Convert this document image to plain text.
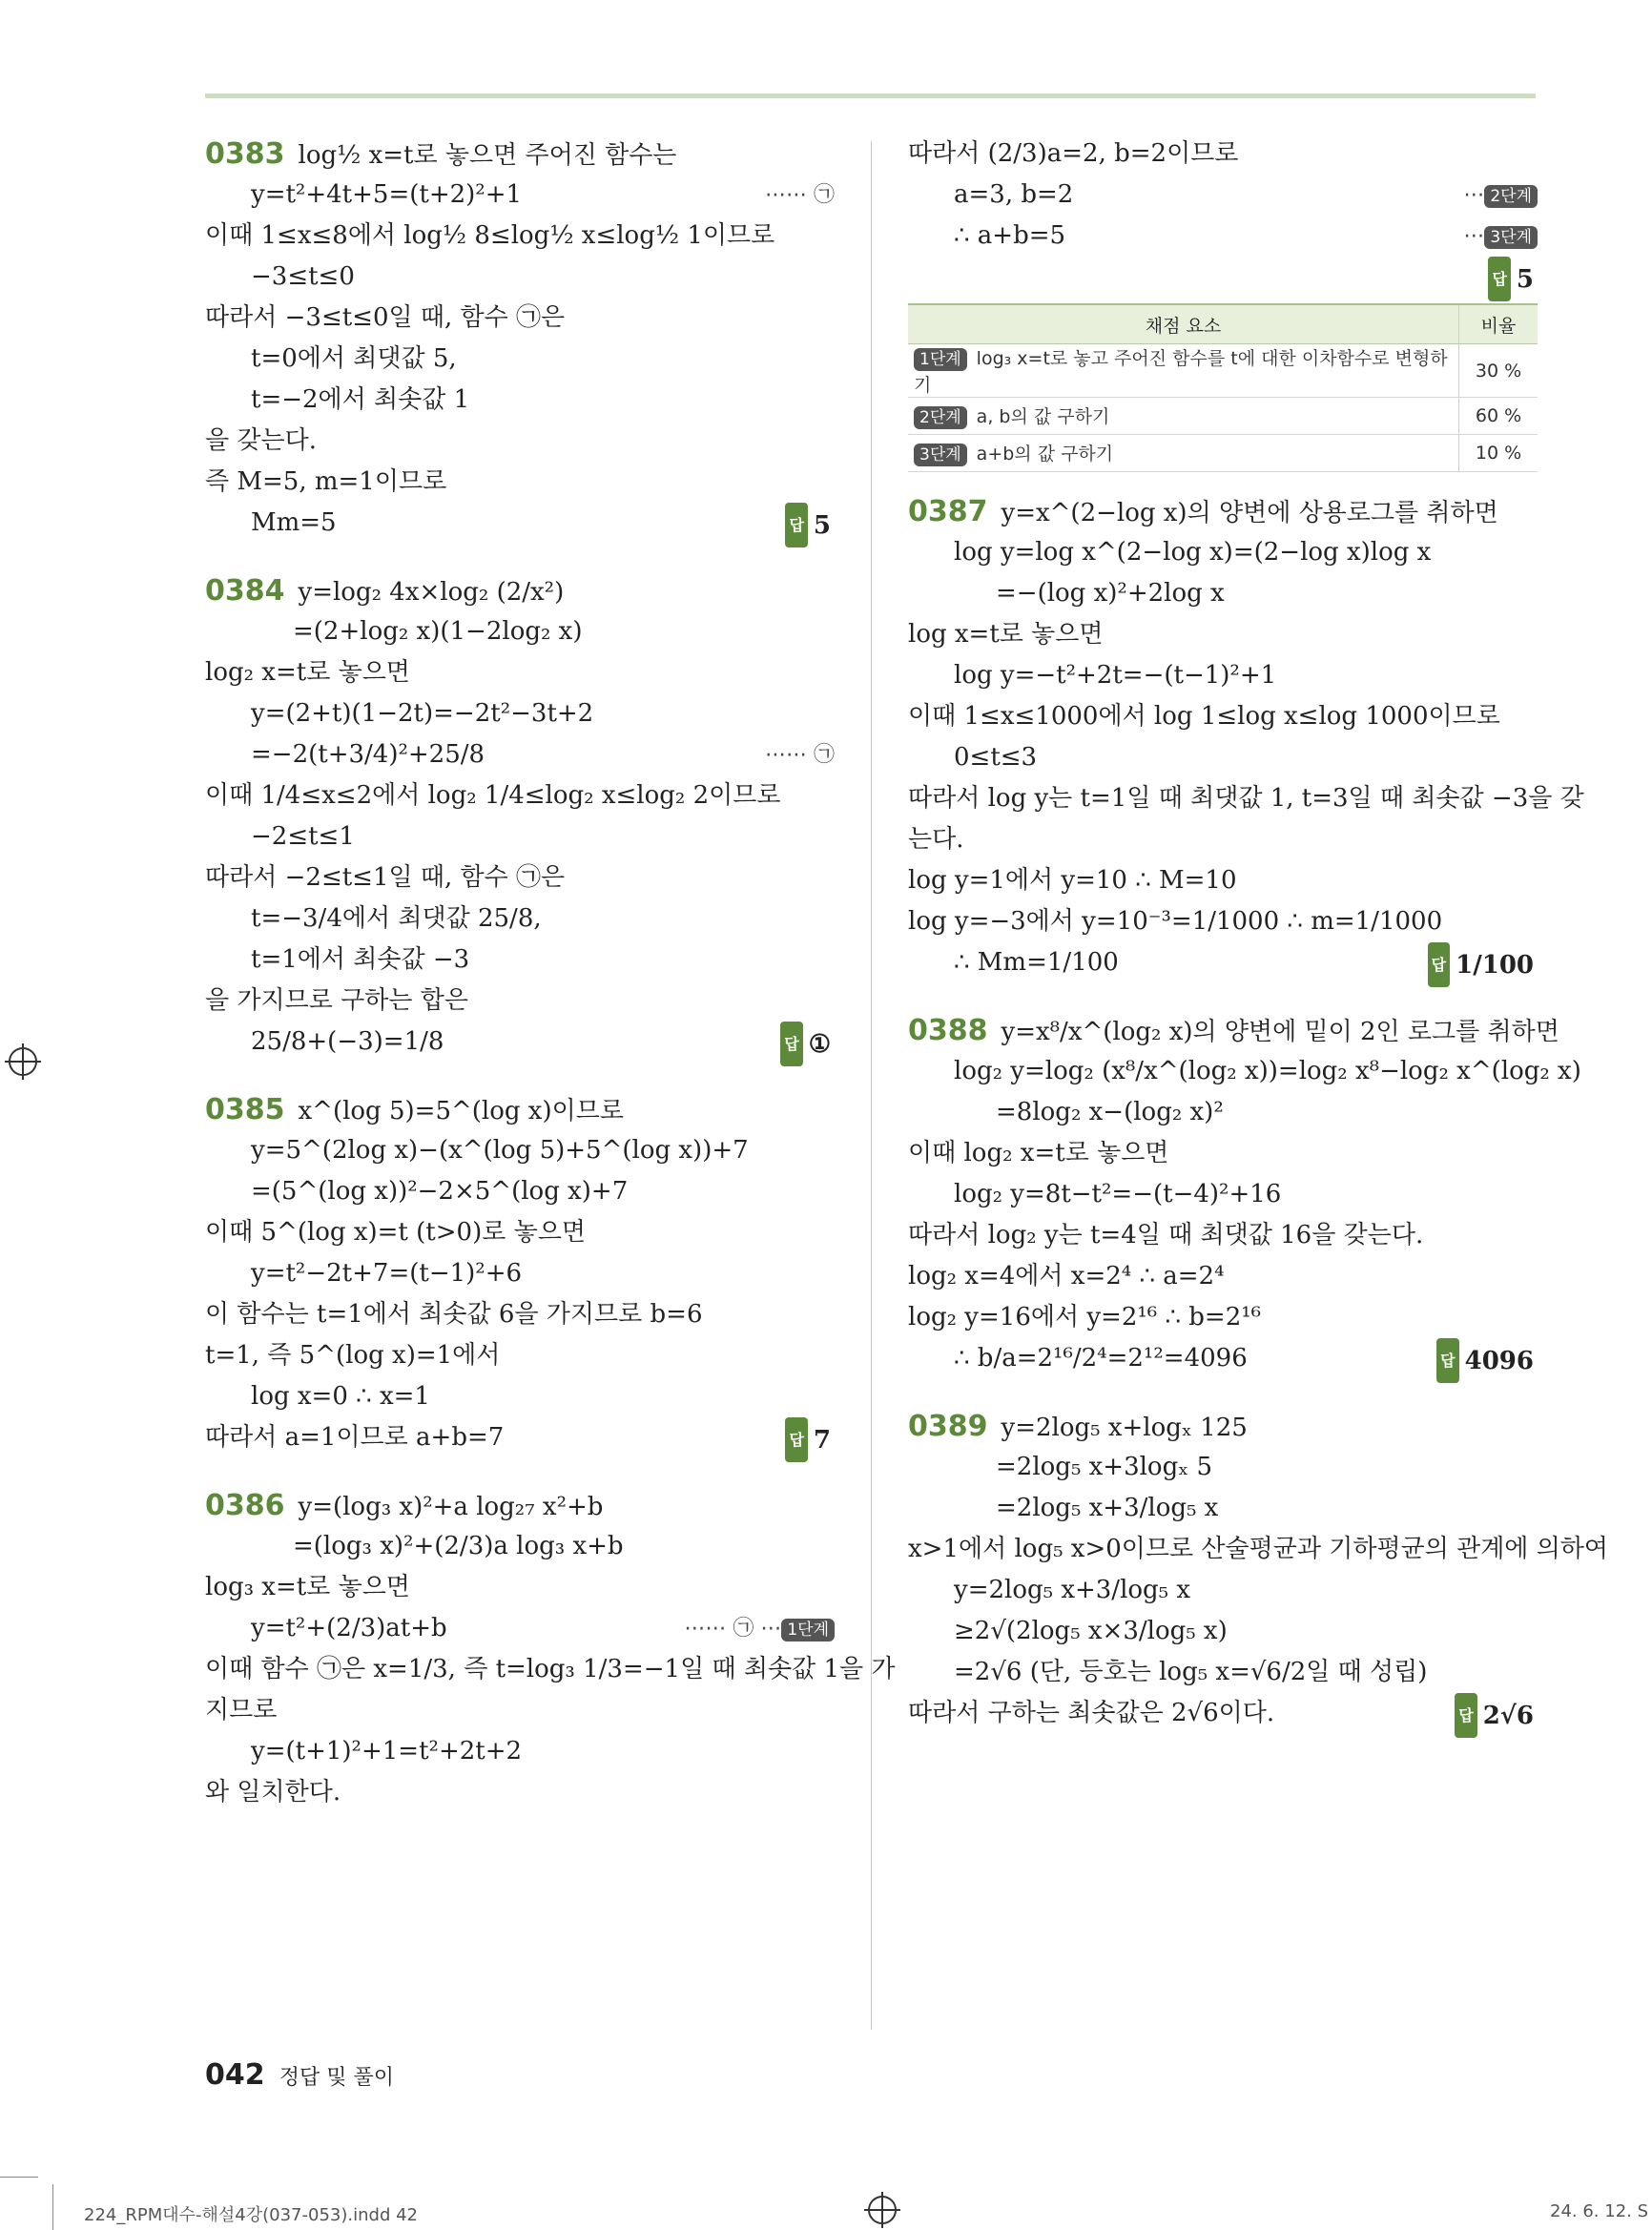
0383 log½ x=t로 놓으면 주어진 함수는
y=t²+4t+5=(t+2)²+1	⋯⋯ ㉠
이때 1≤x≤8에서 log½ 8≤log½ x≤log½ 1이므로
−3≤t≤0
따라서 −3≤t≤0일 때, 함수 ㉠은
t=0에서 최댓값 5,
t=−2에서 최솟값 1
을 갖는다.
즉 M=5, m=1이므로
Mm=5	답 5
0384 y=log₂ 4x×log₂ (2/x²)
=(2+log₂ x)(1−2log₂ x)
log₂ x=t로 놓으면
y=(2+t)(1−2t)=−2t²−3t+2
=−2(t+3/4)²+25/8	⋯⋯ ㉠
이때 1/4≤x≤2에서 log₂ 1/4≤log₂ x≤log₂ 2이므로
−2≤t≤1
따라서 −2≤t≤1일 때, 함수 ㉠은
t=−3/4에서 최댓값 25/8,
t=1에서 최솟값 −3
을 가지므로 구하는 합은
25/8+(−3)=1/8	답 ①
0385 x^(log 5)=5^(log x)이므로
y=5^(2log x)−(x^(log 5)+5^(log x))+7
=(5^(log x))²−2×5^(log x)+7
이때 5^(log x)=t (t>0)로 놓으면
y=t²−2t+7=(t−1)²+6
이 함수는 t=1에서 최솟값 6을 가지므로 b=6
t=1, 즉 5^(log x)=1에서
log x=0 ∴ x=1
따라서 a=1이므로 a+b=7	답 7
0386 y=(log₃ x)²+a log₂₇ x²+b
=(log₃ x)²+(2/3)a log₃ x+b
log₃ x=t로 놓으면
y=t²+(2/3)at+b	⋯⋯ ㉠ ⋯ 1단계
이때 함수 ㉠은 x=1/3, 즉 t=log₃ 1/3=−1일 때 최솟값 1을 가
지므로
y=(t+1)²+1=t²+2t+2
와 일치한다.
따라서 (2/3)a=2, b=2이므로
a=3, b=2	⋯ 2단계
∴ a+b=5	⋯ 3단계
답 5
채점 요소	비율
1단계 log₃ x=t로 놓고 주어진 함수를 t에 대한 이차함수로 변형하기	30 %
2단계 a, b의 값 구하기	60 %
3단계 a+b의 값 구하기	10 %
0387 y=x^(2−log x)의 양변에 상용로그를 취하면
log y=log x^(2−log x)=(2−log x)log x
=−(log x)²+2log x
log x=t로 놓으면
log y=−t²+2t=−(t−1)²+1
이때 1≤x≤1000에서 log 1≤log x≤log 1000이므로
0≤t≤3
따라서 log y는 t=1일 때 최댓값 1, t=3일 때 최솟값 −3을 갖
는다.
log y=1에서 y=10 ∴ M=10
log y=−3에서 y=10⁻³=1/1000 ∴ m=1/1000
∴ Mm=1/100	답 1/100
0388 y=x⁸/x^(log₂ x)의 양변에 밑이 2인 로그를 취하면
log₂ y=log₂ (x⁸/x^(log₂ x))=log₂ x⁸−log₂ x^(log₂ x)
=8log₂ x−(log₂ x)²
이때 log₂ x=t로 놓으면
log₂ y=8t−t²=−(t−4)²+16
따라서 log₂ y는 t=4일 때 최댓값 16을 갖는다.
log₂ x=4에서 x=2⁴ ∴ a=2⁴
log₂ y=16에서 y=2¹⁶ ∴ b=2¹⁶
∴ b/a=2¹⁶/2⁴=2¹²=4096	답 4096
0389 y=2log₅ x+logₓ 125
=2log₅ x+3logₓ 5
=2log₅ x+3/log₅ x
x>1에서 log₅ x>0이므로 산술평균과 기하평균의 관계에 의하여
y=2log₅ x+3/log₅ x
≥2√(2log₅ x×3/log₅ x)
=2√6 (단, 등호는 log₅ x=√6/2일 때 성립)
따라서 구하는 최솟값은 2√6이다.	답 2√6
042 정답 및 풀이
224_RPM대수-해설4강(037-053).indd 42	24. 6. 12. S
